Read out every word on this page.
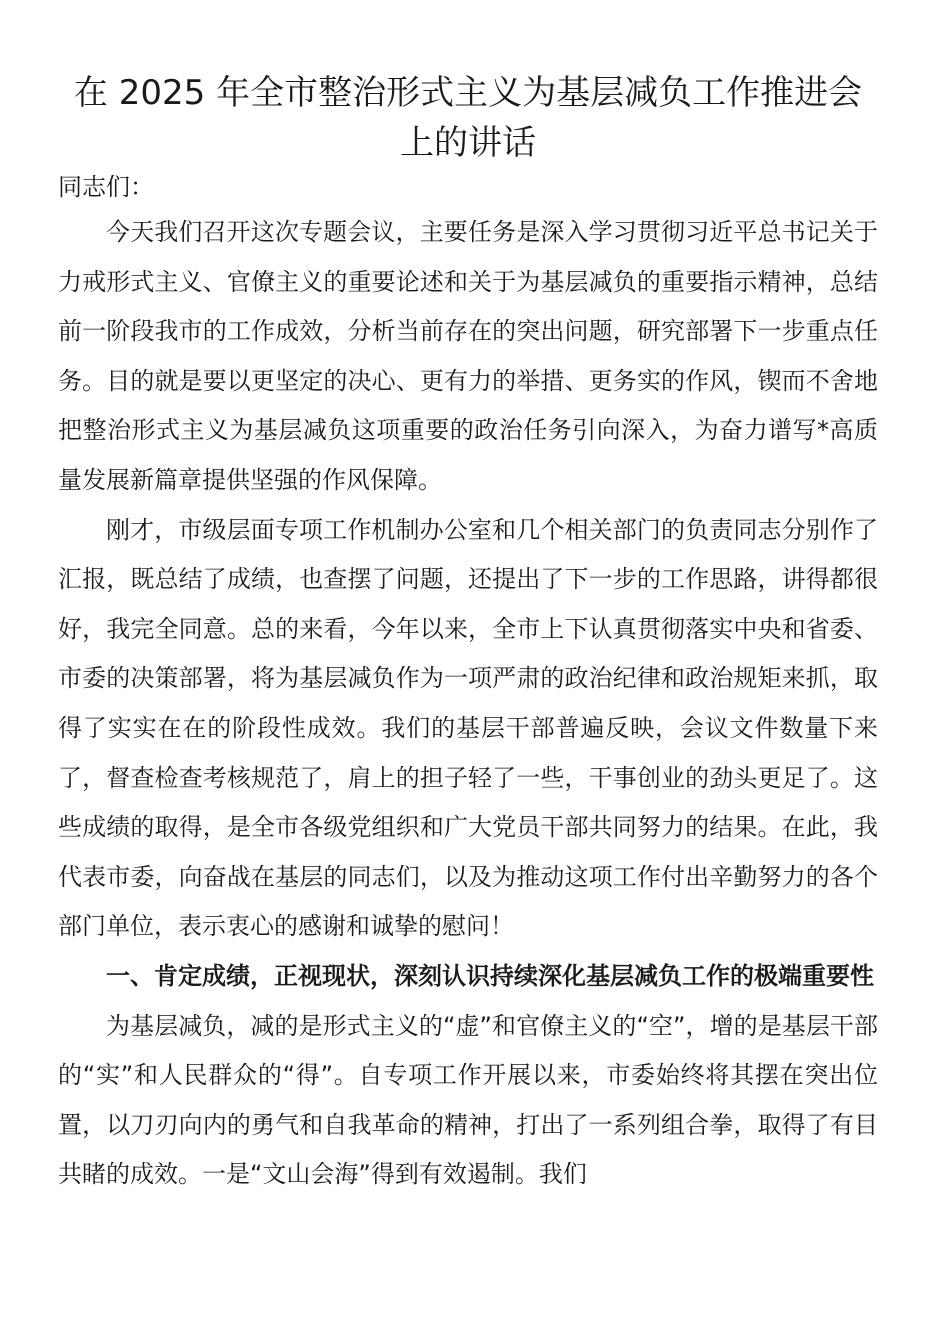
在 2025 年全市整治形式主义为基层减负工作推进会上的讲话

同志们：

今天我们召开这次专题会议，主要任务是深入学习贯彻习近平总书记关于力戒形式主义、官僚主义的重要论述和关于为基层减负的重要指示精神，总结前一阶段我市的工作成效，分析当前存在的突出问题，研究部署下一步重点任务。目的就是要以更坚定的决心、更有力的举措、更务实的作风，锲而不舍地把整治形式主义为基层减负这项重要的政治任务引向深入，为奋力谱写*高质量发展新篇章提供坚强的作风保障。

刚才，市级层面专项工作机制办公室和几个相关部门的负责同志分别作了汇报，既总结了成绩，也查摆了问题，还提出了下一步的工作思路，讲得都很好，我完全同意。总的来看，今年以来，全市上下认真贯彻落实中央和省委、市委的决策部署，将为基层减负作为一项严肃的政治纪律和政治规矩来抓，取得了实实在在的阶段性成效。我们的基层干部普遍反映，会议文件数量下来了，督查检查考核规范了，肩上的担子轻了一些，干事创业的劲头更足了。这些成绩的取得，是全市各级党组织和广大党员干部共同努力的结果。在此，我代表市委，向奋战在基层的同志们，以及为推动这项工作付出辛勤努力的各个部门单位，表示衷心的感谢和诚挚的慰问！

一、肯定成绩，正视现状，深刻认识持续深化基层减负工作的极端重要性

为基层减负，减的是形式主义的“虚”和官僚主义的“空”，增的是基层干部的“实”和人民群众的“得”。自专项工作开展以来，市委始终将其摆在突出位置，以刀刃向内的勇气和自我革命的精神，打出了一系列组合拳，取得了有目共睹的成效。一是“文山会海”得到有效遏制。我们
